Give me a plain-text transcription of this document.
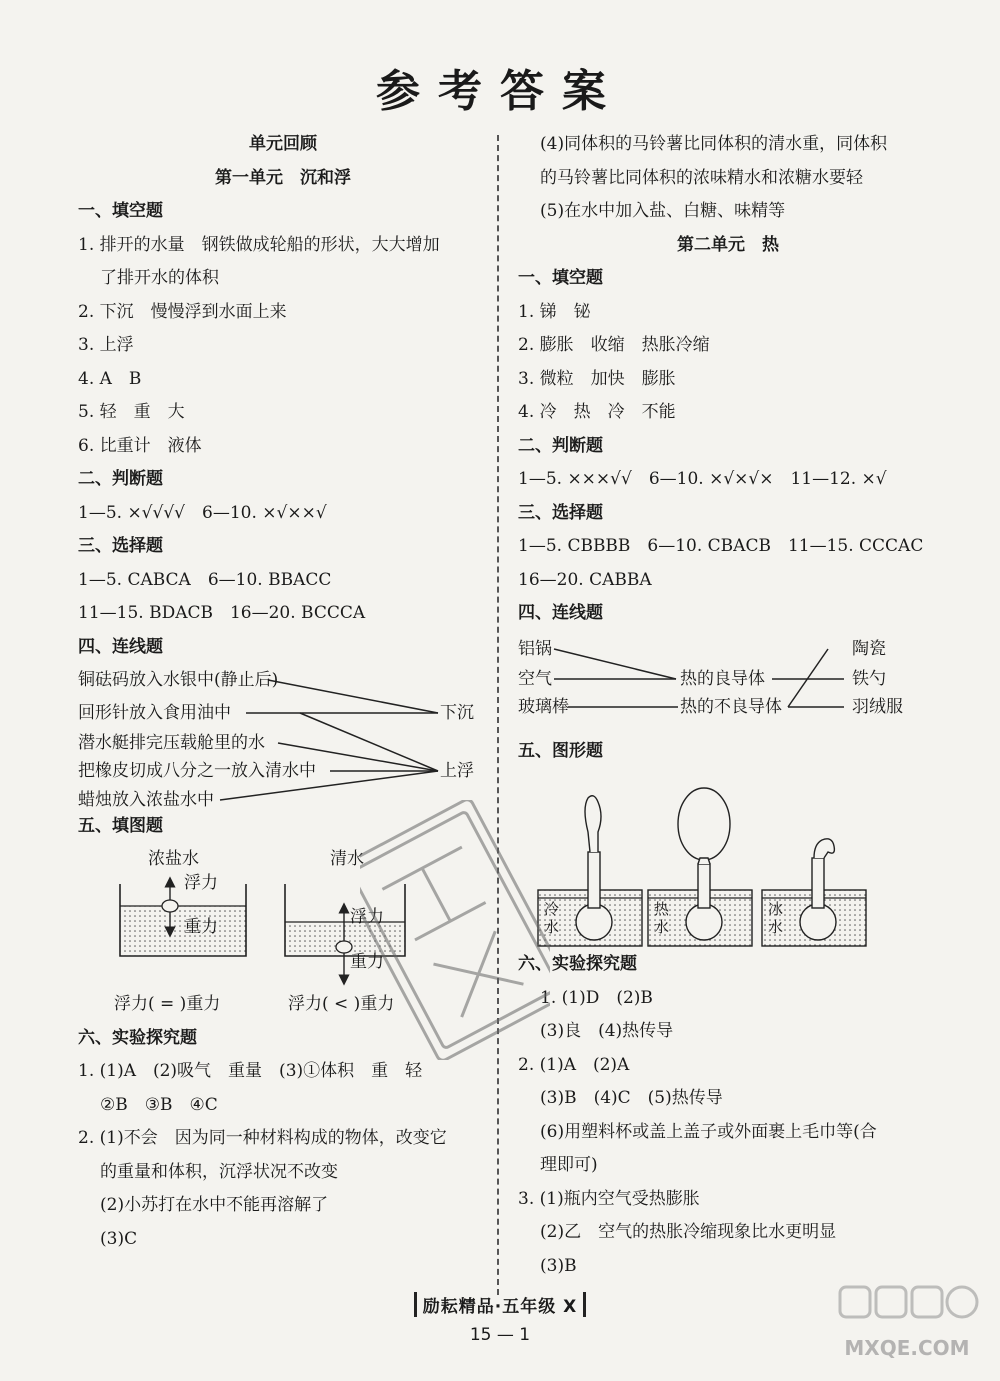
参考答案
单元回顾
第一单元　沉和浮
一、填空题
1. 排开的水量　钢铁做成轮船的形状，大大增加
了排开水的体积
2. 下沉　慢慢浮到水面上来
3. 上浮
4. A　B
5. 轻　重　大
6. 比重计　液体
二、判断题
1—5. ×√√√√　6—10. ×√××√
三、选择题
1—5. CABCA　6—10. BBACC
11—15. BDACB　16—20. BCCCA
四、连线题
铜砝码放入水银中(静止后)
回形针放入食用油中
潜水艇排完压载舱里的水
把橡皮切成八分之一放入清水中
蜡烛放入浓盐水中
下沉
上浮
五、填图题
浓盐水	清水
浮力
重力	浮力
重力
浮力( = )重力	浮力( < )重力
六、实验探究题
1. (1)A　(2)吸气　重量　(3)①体积　重　轻
②B　③B　④C
2. (1)不会　因为同一种材料构成的物体，改变它
的重量和体积，沉浮状况不改变
(2)小苏打在水中不能再溶解了
(3)C
(4)同体积的马铃薯比同体积的清水重，同体积
的马铃薯比同体积的浓味精水和浓糖水要轻
(5)在水中加入盐、白糖、味精等
第二单元　热
一、填空题
1. 锑　铋
2. 膨胀　收缩　热胀冷缩
3. 微粒　加快　膨胀
4. 冷　热　冷　不能
二、判断题
1—5. ×××√√　6—10. ×√×√×　11—12. ×√
三、选择题
1—5. CBBBB　6—10. CBACB　11—15. CCCAC
16—20. CABBA
四、连线题
铝锅
空气
玻璃棒
热的良导体
热的不良导体
陶瓷
铁勺
羽绒服
五、图形题
冷水
热水
冰水
六、实验探究题
1. (1)D　(2)B
(3)良　(4)热传导
2. (1)A　(2)A
(3)B　(4)C　(5)热传导
(6)用塑料杯或盖上盖子或外面裹上毛巾等(合
理即可)
3. (1)瓶内空气受热膨胀
(2)乙　空气的热胀冷缩现象比水更明显
(3)B
MXQE.COM
励耘精品·五年级 X
15 — 1
